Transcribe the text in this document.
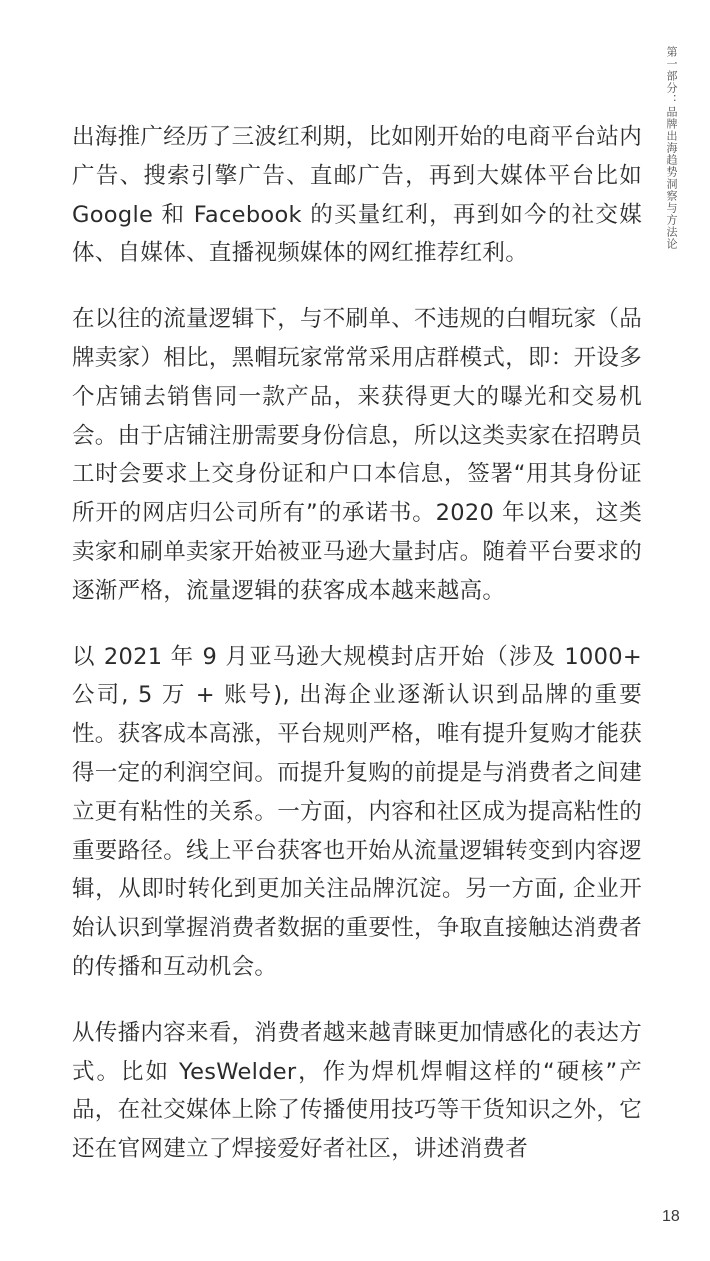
第一部分：品牌出海趋势洞察与方法论

出海推广经历了三波红利期，比如刚开始的电商平台站内广告、搜索引擎广告、直邮广告，再到大媒体平台比如 Google 和 Facebook 的买量红利，再到如今的社交媒体、自媒体、直播视频媒体的网红推荐红利。

在以往的流量逻辑下，与不刷单、不违规的白帽玩家（品牌卖家）相比，黑帽玩家常常采用店群模式，即：开设多个店铺去销售同一款产品，来获得更大的曝光和交易机会。由于店铺注册需要身份信息，所以这类卖家在招聘员工时会要求上交身份证和户口本信息，签署“用其身份证所开的网店归公司所有”的承诺书。2020 年以来，这类卖家和刷单卖家开始被亚马逊大量封店。随着平台要求的逐渐严格，流量逻辑的获客成本越来越高。

以 2021 年 9 月亚马逊大规模封店开始（涉及 1000+ 公司, 5 万 + 账号), 出海企业逐渐认识到品牌的重要性。获客成本高涨，平台规则严格，唯有提升复购才能获得一定的利润空间。而提升复购的前提是与消费者之间建立更有粘性的关系。一方面，内容和社区成为提高粘性的重要路径。线上平台获客也开始从流量逻辑转变到内容逻辑，从即时转化到更加关注品牌沉淀。另一方面, 企业开始认识到掌握消费者数据的重要性，争取直接触达消费者的传播和互动机会。

从传播内容来看，消费者越来越青睐更加情感化的表达方式。比如 YesWelder，作为焊机焊帽这样的“硬核”产品，在社交媒体上除了传播使用技巧等干货知识之外，它还在官网建立了焊接爱好者社区，讲述消费者

18
